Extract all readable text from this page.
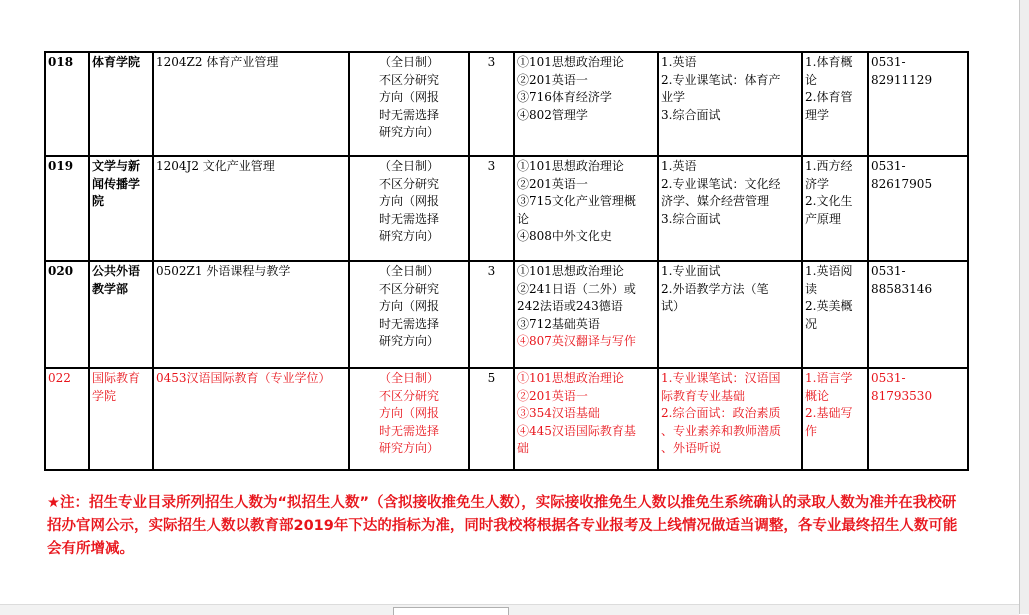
018	体育学院	1204Z2 体育产业管理	（全日制）
不区分研究
方向（网报
时无需选择
研究方向）	3	①101思想政治理论
②201英语一
③716体育经济学
④802管理学	1.英语
2.专业课笔试：体育产
业学
3.综合面试	1.体育概
论
2.体育管
理学	0531-82911129
019	文学与新
闻传播学
院	1204J2 文化产业管理	（全日制）
不区分研究
方向（网报
时无需选择
研究方向）	3	①101思想政治理论
②201英语一
③715文化产业管理概
论
④808中外文化史	1.英语
2.专业课笔试：文化经
济学、媒介经营管理
3.综合面试	1.西方经
济学
2.文化生
产原理	0531-82617905
020	公共外语
教学部	0502Z1 外语课程与教学	（全日制）
不区分研究
方向（网报
时无需选择
研究方向）	3	①101思想政治理论
②241日语（二外）或
242法语或243德语
③712基础英语
④807英汉翻译与写作	1.专业面试
2.外语教学方法（笔
试）	1.英语阅
读
2.英美概
况	0531-88583146
022	国际教育
学院	0453汉语国际教育（专业学位）	（全日制）
不区分研究
方向（网报
时无需选择
研究方向）	5	①101思想政治理论
②201英语一
③354汉语基础
④445汉语国际教育基
础	1.专业课笔试：汉语国
际教育专业基础
2.综合面试：政治素质
、专业素养和教师潜质
、外语听说	1.语言学
概论
2.基础写
作	0531-81793530
★注：招生专业目录所列招生人数为“拟招生人数”（含拟接收推免生人数），实际接收推免生人数以推免生系统确认的录取人数为准并在我校研招办官网公示，实际招生人数以教育部2019年下达的指标为准，同时我校将根据各专业报考及上线情况做适当调整，各专业最终招生人数可能会有所增减。
